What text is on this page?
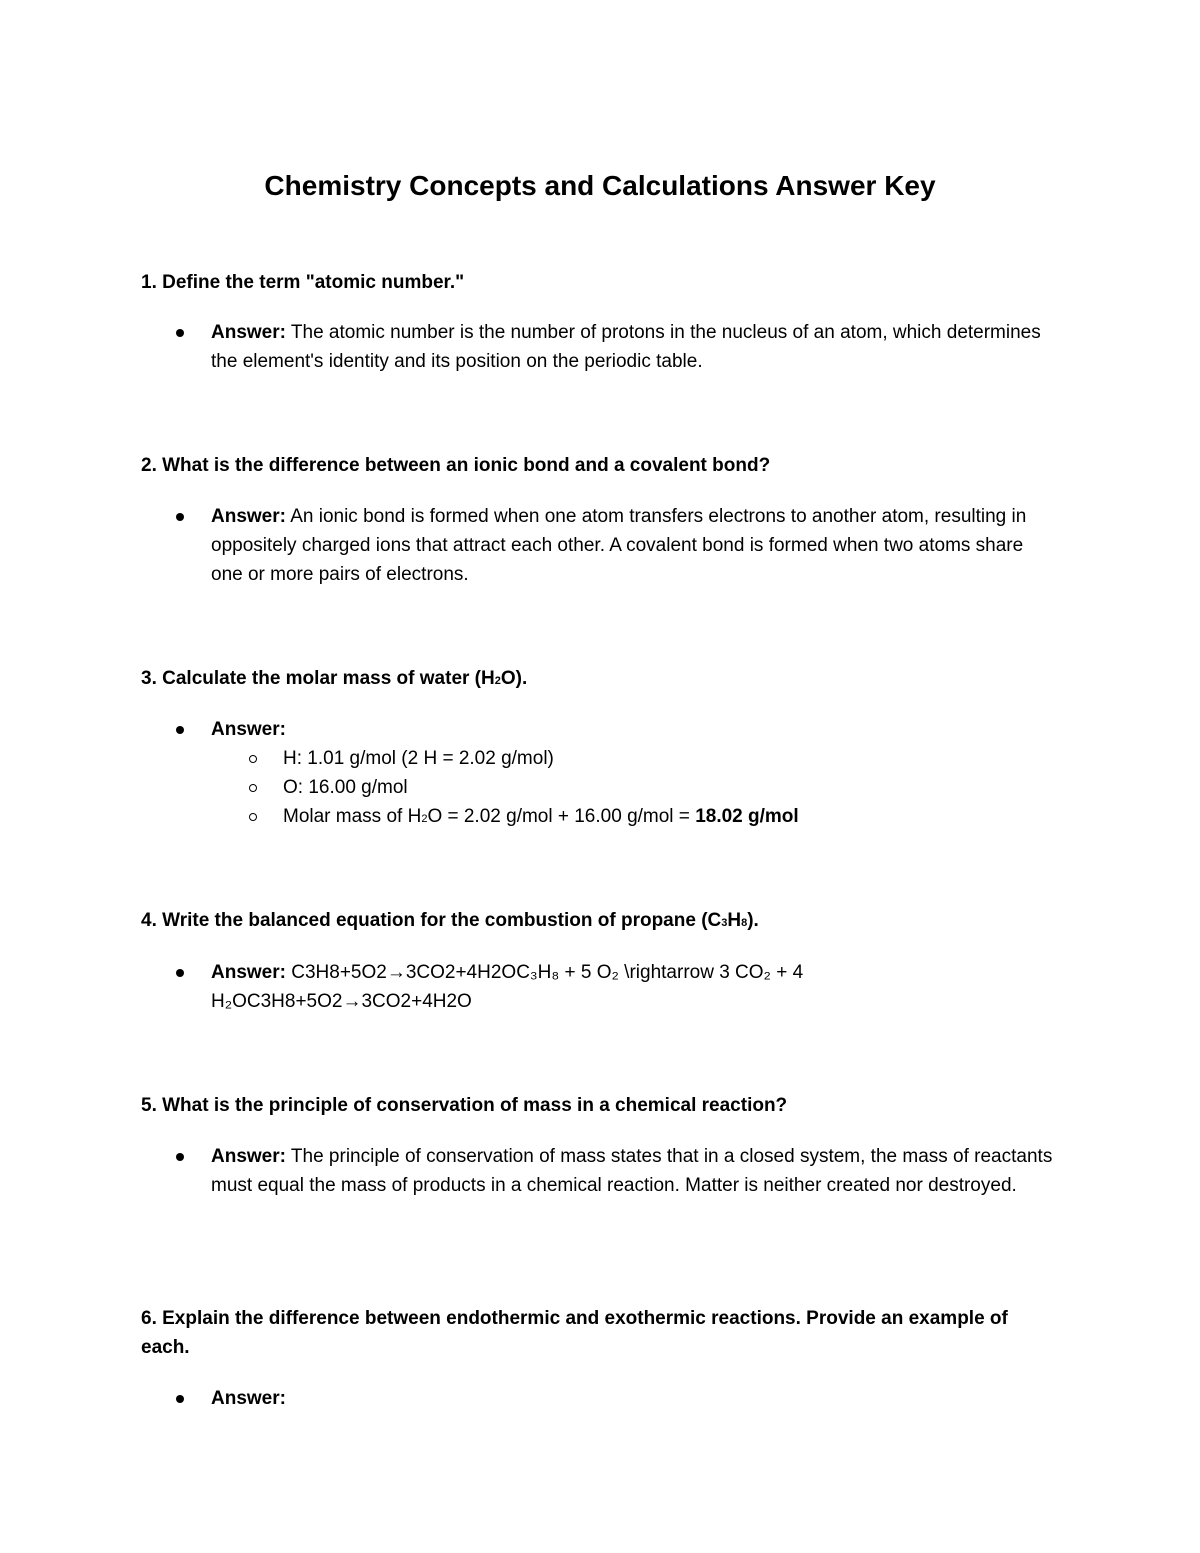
Chemistry Concepts and Calculations Answer Key

1. Define the term "atomic number."

Answer: The atomic number is the number of protons in the nucleus of an atom, which determines the element's identity and its position on the periodic table.

2. What is the difference between an ionic bond and a covalent bond?

Answer: An ionic bond is formed when one atom transfers electrons to another atom, resulting in oppositely charged ions that attract each other. A covalent bond is formed when two atoms share one or more pairs of electrons.

3. Calculate the molar mass of water (H2O).

Answer:
H: 1.01 g/mol (2 H = 2.02 g/mol)
O: 16.00 g/mol
Molar mass of H2O = 2.02 g/mol + 16.00 g/mol = 18.02 g/mol

4. Write the balanced equation for the combustion of propane (C3H8).

Answer: C3H8+5O2→3CO2+4H2OC₃H₈ + 5 O₂ \rightarrow 3 CO₂ + 4
H₂OC3H8+5O2→3CO2+4H2O

5. What is the principle of conservation of mass in a chemical reaction?

Answer: The principle of conservation of mass states that in a closed system, the mass of reactants must equal the mass of products in a chemical reaction. Matter is neither created nor destroyed.

6. Explain the difference between endothermic and exothermic reactions. Provide an example of each.

Answer:
